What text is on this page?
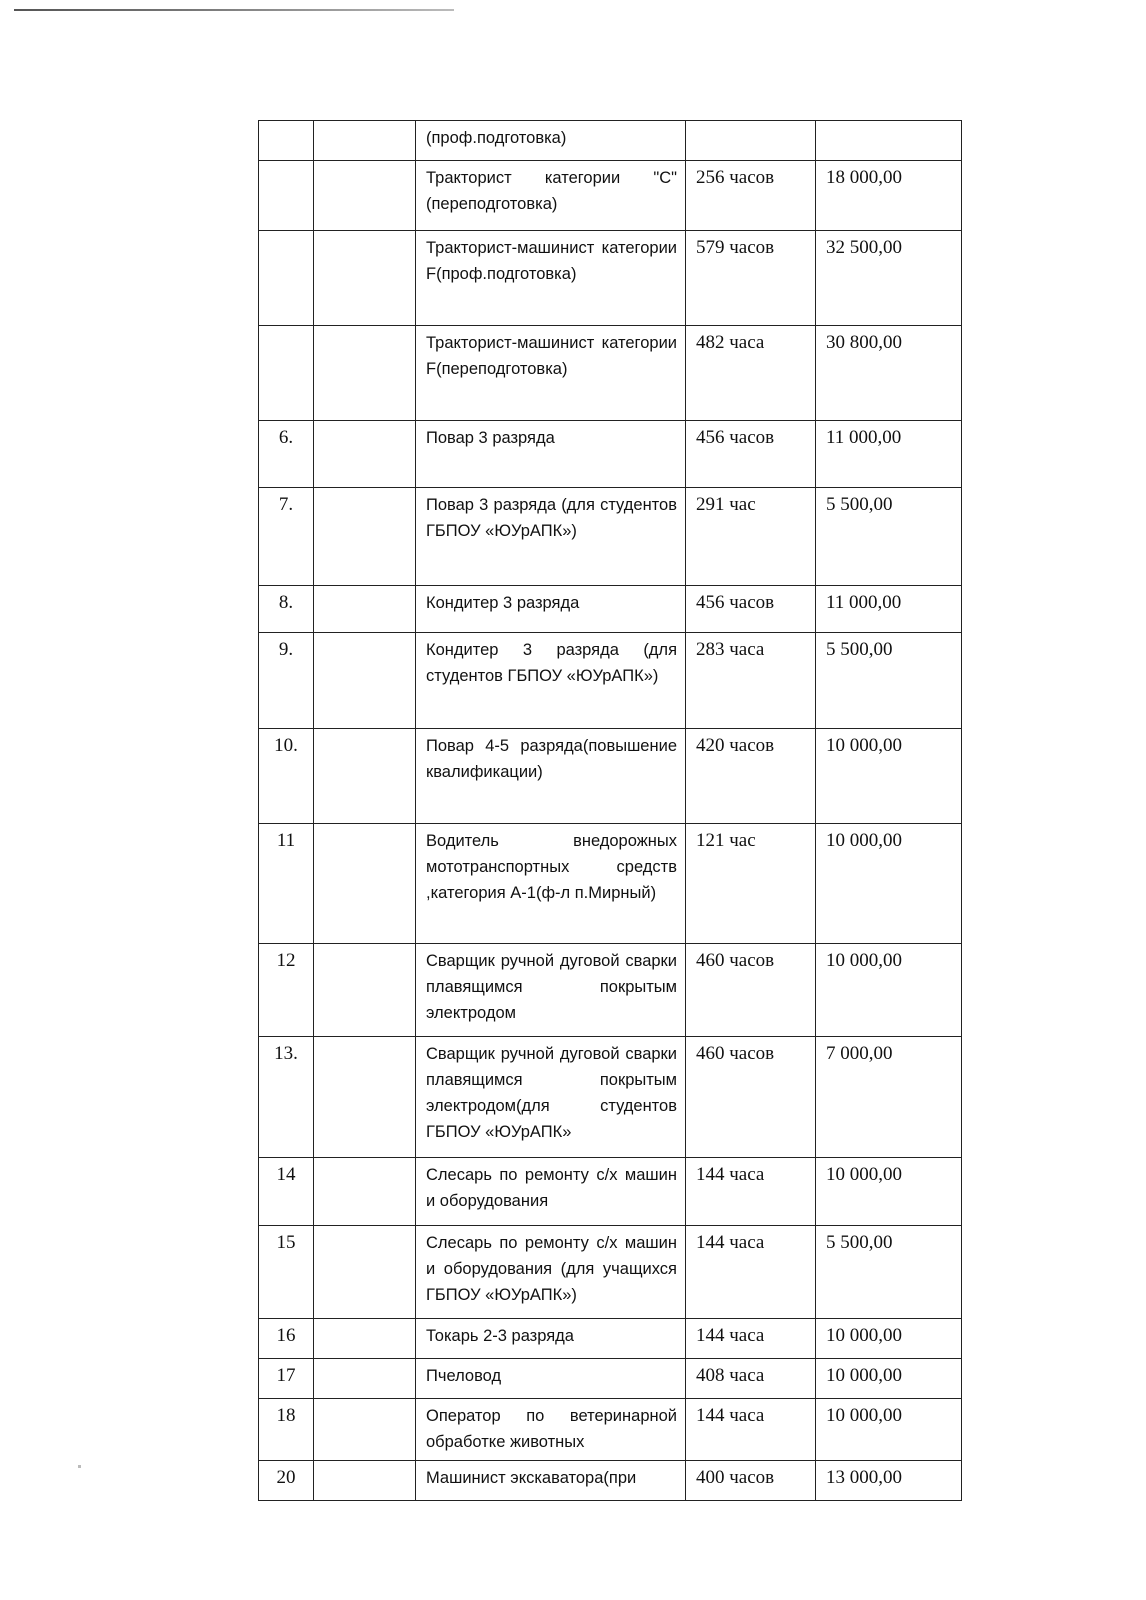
		(проф.подготовка)		
		Тракторист категории "С" (переподготовка)	256 часов	18 000,00
		Тракторист-машинист категории F(проф.подготовка)	579 часов	32 500,00
		Тракторист-машинист категории F(переподготовка)	482 часа	30 800,00
6.		Повар 3 разряда	456 часов	11 000,00
7.		Повар 3 разряда (для студентов ГБПОУ «ЮУрАПК»)	291 час	5 500,00
8.		Кондитер 3 разряда	456 часов	11 000,00
9.		Кондитер 3 разряда (для студентов ГБПОУ «ЮУрАПК»)	283 часа	5 500,00
10.		Повар 4-5 разряда(повышение квалификации)	420 часов	10 000,00
11		Водитель внедорожных мототранспортных средств ,категория А-1(ф-л п.Мирный)	121 час	10 000,00
12		Сварщик ручной дуговой сварки плавящимся покрытым электродом	460 часов	10 000,00
13.		Сварщик ручной дуговой сварки плавящимся покрытым электродом(для студентов ГБПОУ «ЮУрАПК»	460 часов	7 000,00
14		Слесарь по ремонту с/х машин и оборудования	144 часа	10 000,00
15		Слесарь по ремонту с/х машин и оборудования (для учащихся ГБПОУ «ЮУрАПК»)	144 часа	5 500,00
16		Токарь 2-3 разряда	144 часа	10 000,00
17		Пчеловод	408 часа	10 000,00
18		Оператор по ветеринарной обработке животных	144 часа	10 000,00
20		Машинист экскаватора(при	400 часов	13 000,00
